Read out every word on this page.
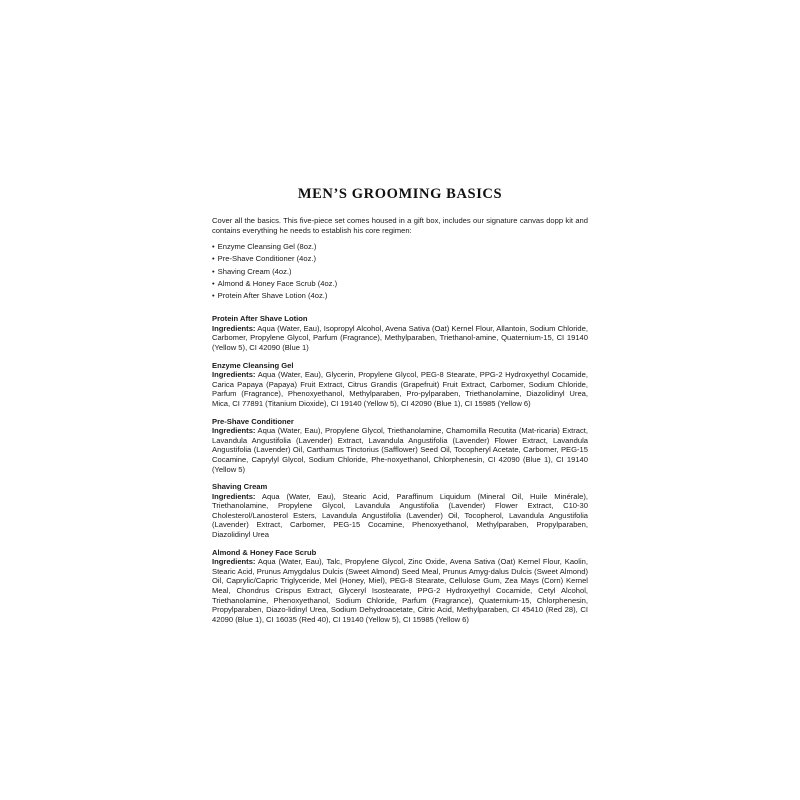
MEN’S GROOMING BASICS

Cover all the basics. This five-piece set comes housed in a gift box, includes our signature canvas dopp kit and contains everything he needs to establish his core regimen:

• Enzyme Cleansing Gel (8oz.)
• Pre-Shave Conditioner (4oz.)
• Shaving Cream (4oz.)
• Almond & Honey Face Scrub (4oz.)
• Protein After Shave Lotion (4oz.)
Protein After Shave Lotion
Ingredients: Aqua (Water, Eau), Isopropyl Alcohol, Avena Sativa (Oat) Kernel Flour, Allantoin, Sodium Chloride, Carbomer, Propylene Glycol, Parfum (Fragrance), Methylparaben, Triethanol-amine, Quaternium-15, CI 19140 (Yellow 5), CI 42090 (Blue 1)
Enzyme Cleansing Gel
Ingredients: Aqua (Water, Eau), Glycerin, Propylene Glycol, PEG-8 Stearate, PPG-2 Hydroxyethyl Cocamide, Carica Papaya (Papaya) Fruit Extract, Citrus Grandis (Grapefruit) Fruit Extract, Carbomer, Sodium Chloride, Parfum (Fragrance), Phenoxyethanol, Methylparaben, Pro-pylparaben, Triethanolamine, Diazolidinyl Urea, Mica, CI 77891 (Titanium Dioxide), CI 19140 (Yellow 5), CI 42090 (Blue 1), CI 15985 (Yellow 6)
Pre-Shave Conditioner
Ingredients: Aqua (Water, Eau), Propylene Glycol, Triethanolamine, Chamomilla Recutita (Mat-ricaria) Extract, Lavandula Angustifolia (Lavender) Extract, Lavandula Angustifolia (Lavender) Flower Extract, Lavandula Angustifolia (Lavender) Oil, Carthamus Tinctorius (Safflower) Seed Oil, Tocopheryl Acetate, Carbomer, PEG-15 Cocamine, Caprylyl Glycol, Sodium Chloride, Phe-noxyethanol, Chlorphenesin, CI 42090 (Blue 1), CI 19140 (Yellow 5)
Shaving Cream
Ingredients: Aqua (Water, Eau), Stearic Acid, Paraffinum Liquidum (Mineral Oil, Huile Minérale), Triethanolamine, Propylene Glycol, Lavandula Angustifolia (Lavender) Flower Extract, C10-30 Cholesterol/Lanosterol Esters, Lavandula Angustifolia (Lavender) Oil, Tocopherol, Lavandula Angustifolia (Lavender) Extract, Carbomer, PEG-15 Cocamine, Phenoxyethanol, Methylparaben, Propylparaben, Diazolidinyl Urea
Almond & Honey Face Scrub
Ingredients: Aqua (Water, Eau), Talc, Propylene Glycol, Zinc Oxide, Avena Sativa (Oat) Kernel Flour, Kaolin, Stearic Acid, Prunus Amygdalus Dulcis (Sweet Almond) Seed Meal, Prunus Amyg-dalus Dulcis (Sweet Almond) Oil, Caprylic/Capric Triglyceride, Mel (Honey, Miel), PEG-8 Stearate, Cellulose Gum, Zea Mays (Corn) Kernel Meal, Chondrus Crispus Extract, Glyceryl Isostearate, PPG-2 Hydroxyethyl Cocamide, Cetyl Alcohol, Triethanolamine, Phenoxyethanol, Sodium Chloride, Parfum (Fragrance), Quaternium-15, Chlorphenesin, Propylparaben, Diazo-lidinyl Urea, Sodium Dehydroacetate, Citric Acid, Methylparaben, CI 45410 (Red 28), CI 42090 (Blue 1), CI 16035 (Red 40), CI 19140 (Yellow 5), CI 15985 (Yellow 6)
